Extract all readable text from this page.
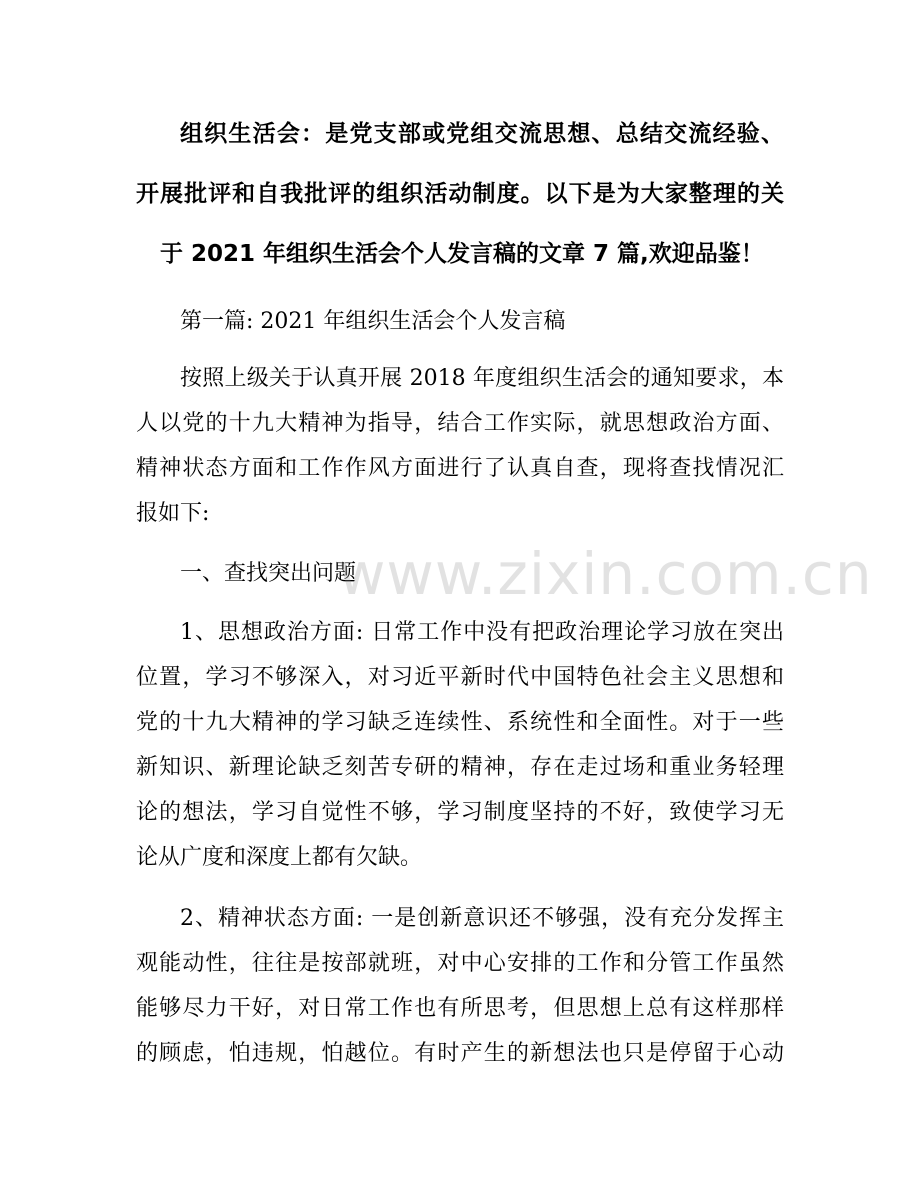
组织生活会：是党支部或党组交流思想、总结交流经验、
开展批评和自我批评的组织活动制度。以下是为大家整理的关
于 2021 年组织生活会个人发言稿的文章 7 篇,欢迎品鉴！
第一篇: 2021 年组织生活会个人发言稿
按照上级关于认真开展 2018 年度组织生活会的通知要求，本
人以党的十九大精神为指导，结合工作实际，就思想政治方面、
精神状态方面和工作作风方面进行了认真自查，现将查找情况汇
报如下:
一、查找突出问题
1、思想政治方面: 日常工作中没有把政治理论学习放在突出
位置，学习不够深入，对习近平新时代中国特色社会主义思想和
党的十九大精神的学习缺乏连续性、系统性和全面性。对于一些
新知识、新理论缺乏刻苦专研的精神，存在走过场和重业务轻理
论的想法，学习自觉性不够，学习制度坚持的不好，致使学习无
论从广度和深度上都有欠缺。
2、精神状态方面: 一是创新意识还不够强，没有充分发挥主
观能动性，往往是按部就班，对中心安排的工作和分管工作虽然
能够尽力干好，对日常工作也有所思考，但思想上总有这样那样
的顾虑，怕违规，怕越位。有时产生的新想法也只是停留于心动
www.zixin.com.cn
